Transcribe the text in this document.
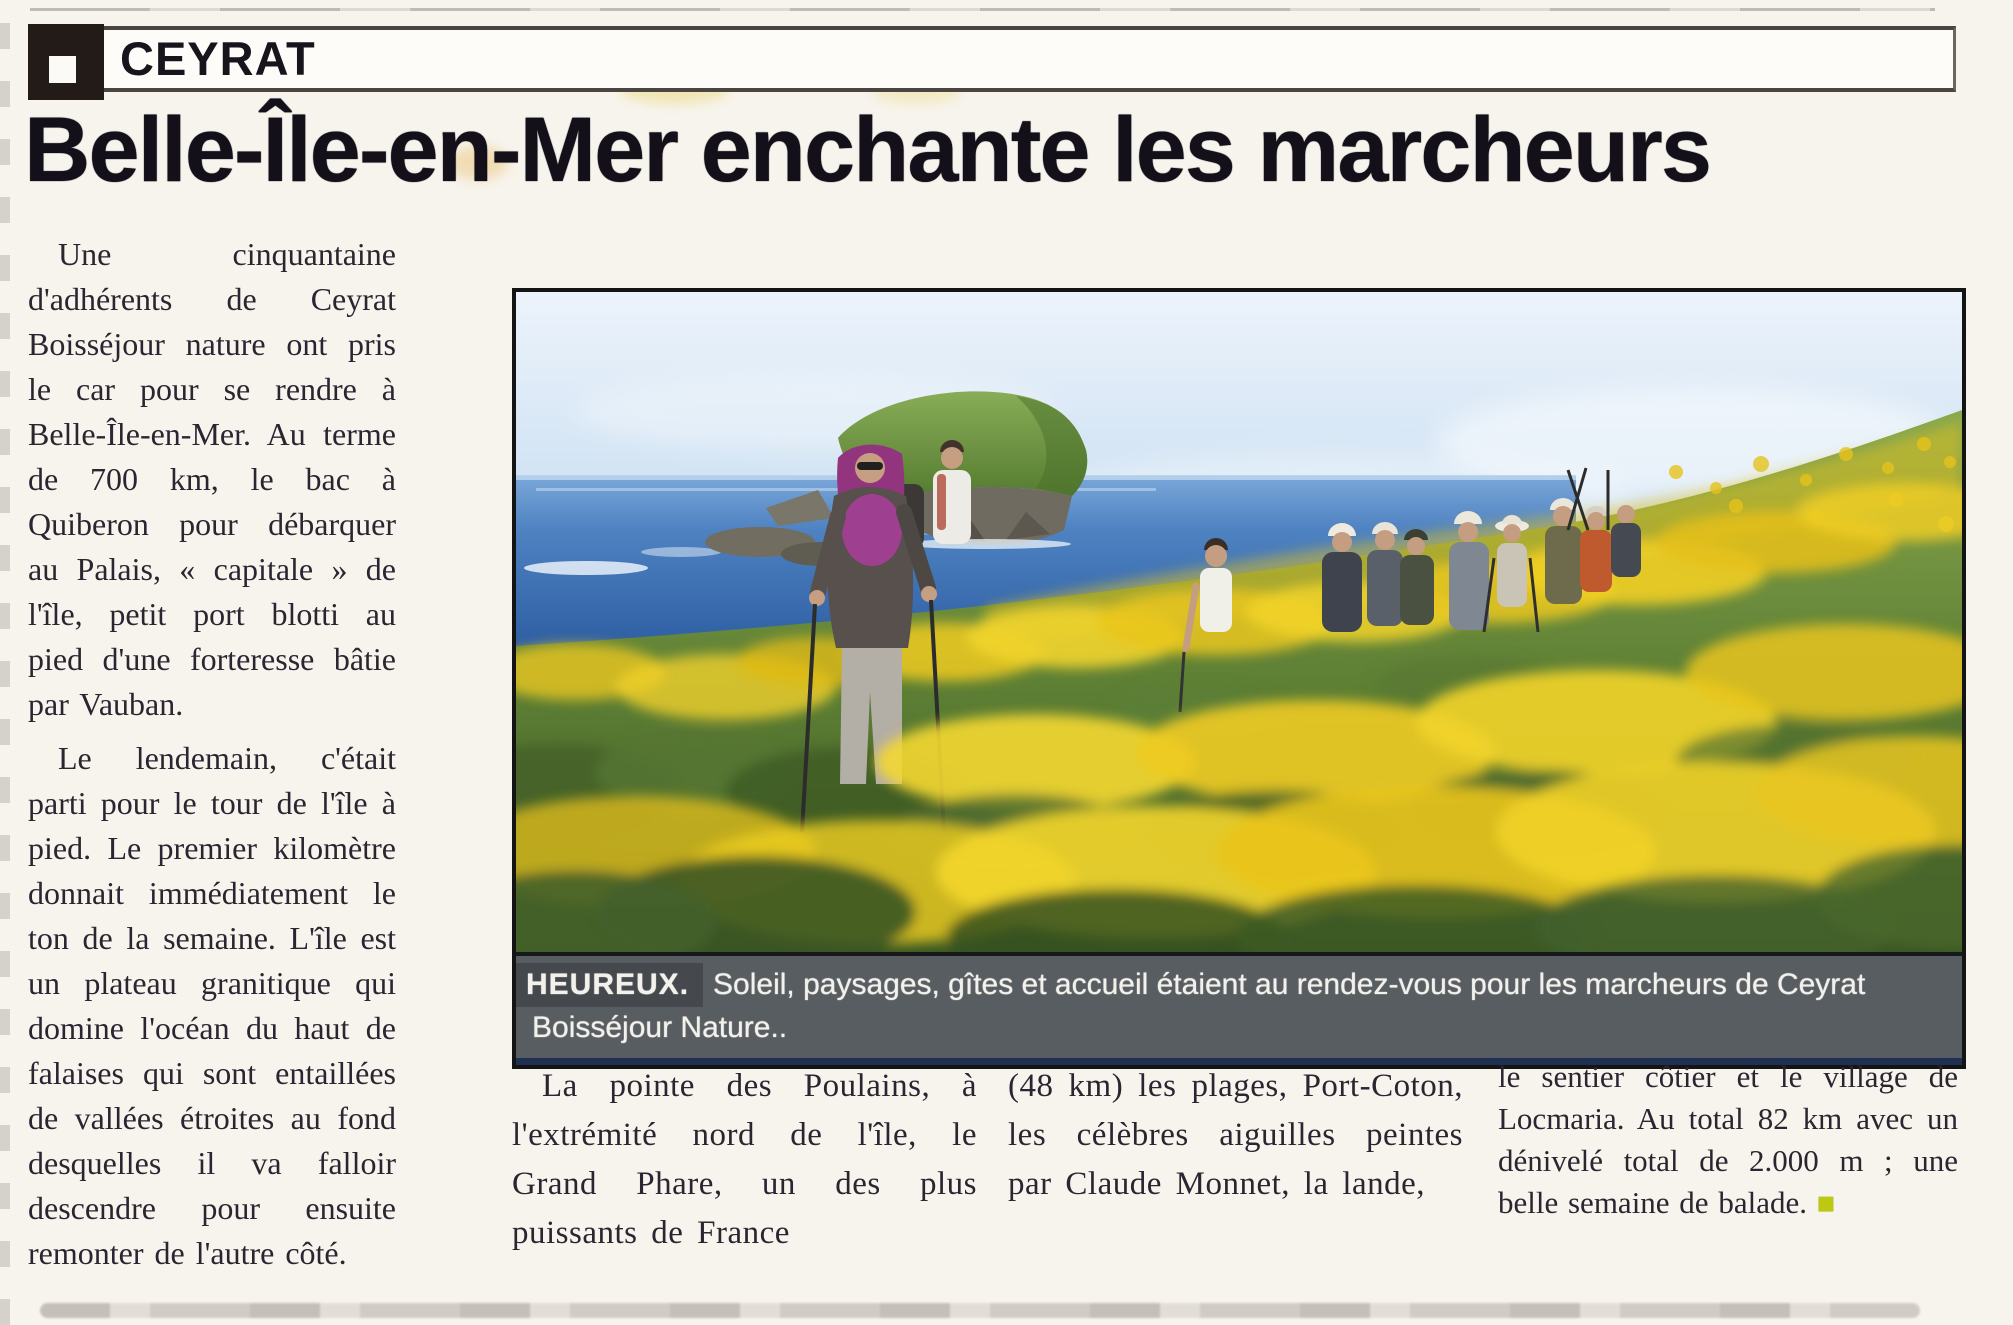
CEYRAT
Belle-Île-en-Mer enchante les marcheurs

Une cinquantaine d'adhérents de Ceyrat Boisséjour nature ont pris le car pour se rendre à Belle-Île-en-Mer. Au terme de 700 km, le bac à Quiberon pour débarquer au Palais, « capitale » de l'île, petit port blotti au pied d'une forteresse bâtie par Vauban.

Le lendemain, c'était parti pour le tour de l'île à pied. Le premier kilomètre donnait immédiatement le ton de la semaine. L'île est un plateau granitique qui domine l'océan du haut de falaises qui sont entaillées de vallées étroites au fond desquelles il va falloir descendre pour ensuite remonter de l'autre côté.

HEUREUX. Soleil, paysages, gîtes et accueil étaient au rendez-vous pour les marcheurs de Ceyrat Boisséjour Nature..

La pointe des Poulains, à l'extrémité nord de l'île, le Grand Phare, un des plus puissants de France

(48 km) les plages, Port-Coton, les célèbres aiguilles peintes par Claude Monnet, la lande,

le sentier côtier et le village de Locmaria. Au total 82 km avec un dénivelé total de 2.000 m ; une belle semaine de balade. ■
